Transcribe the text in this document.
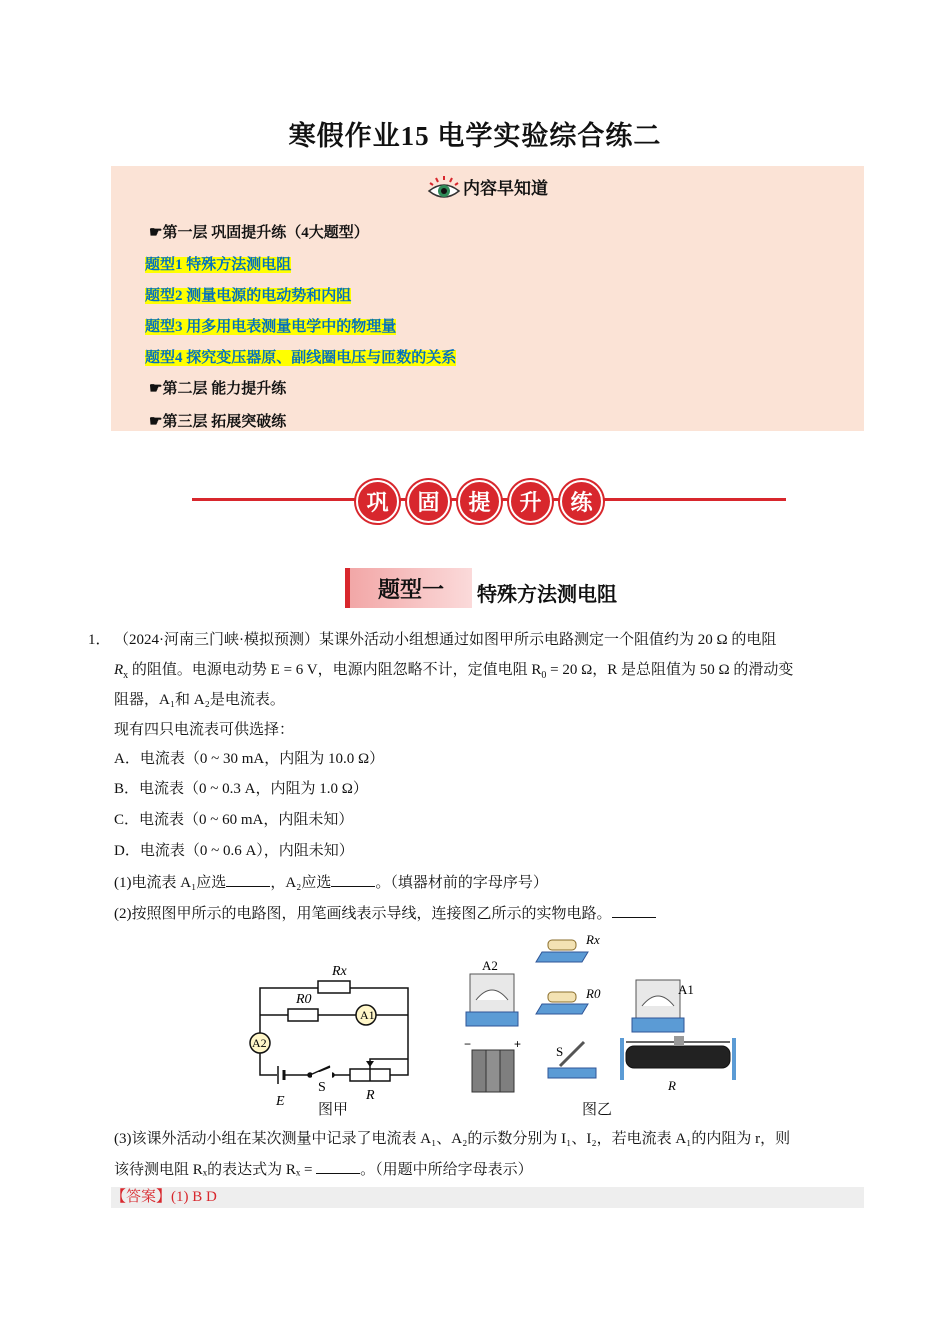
寒假作业15 电学实验综合练二
内容早知道
☛第一层 巩固提升练（4大题型）
题型1 特殊方法测电阻
题型2 测量电源的电动势和内阻
题型3 用多用电表测量电学中的物理量
题型4 探究变压器原、副线圈电压与匝数的关系
☛第二层 能力提升练
☛第三层 拓展突破练
巩	固	提	升	练
题型一	特殊方法测电阻
1． （2024·河南三门峡·模拟预测）某课外活动小组想通过如图甲所示电路测定一个阻值约为 20 Ω 的电阻
$R_x$ 的阻值。电源电动势 E = 6 V，电源内阻忽略不计，定值电阻 $R_0 = 20$ Ω，R 是总阻值为 50 Ω 的滑动变
阻器，A₁和 A₂是电流表。
现有四只电流表可供选择：
A．电流表（0 ~ 30 mA，内阻为 10.0 Ω）
B．电流表（0 ~ 0.3 A，内阻为 1.0 Ω）
C．电流表（0 ~ 60 mA，内阻未知）
D．电流表（0 ~ 0.6 A），内阻未知）
(1)电流表 A₁应选	，A₂应选	。（填器材前的字母序号）
(2)按照图甲所示的电路图，用笔画线表示导线，连接图乙所示的实物电路。
Rx
R0
A1
A2
E
S
R
图甲
Rx
A2
R0	A1
−	+	S
R
图乙
(3)该课外活动小组在某次测量中记录了电流表 A₁、A₂的示数分别为 I₁、I₂，若电流表 A₁的内阻为 r，则
该待测电阻 Rₓ的表达式为 Rₓ =	。（用题中所给字母表示）
【答案】(1) B D
